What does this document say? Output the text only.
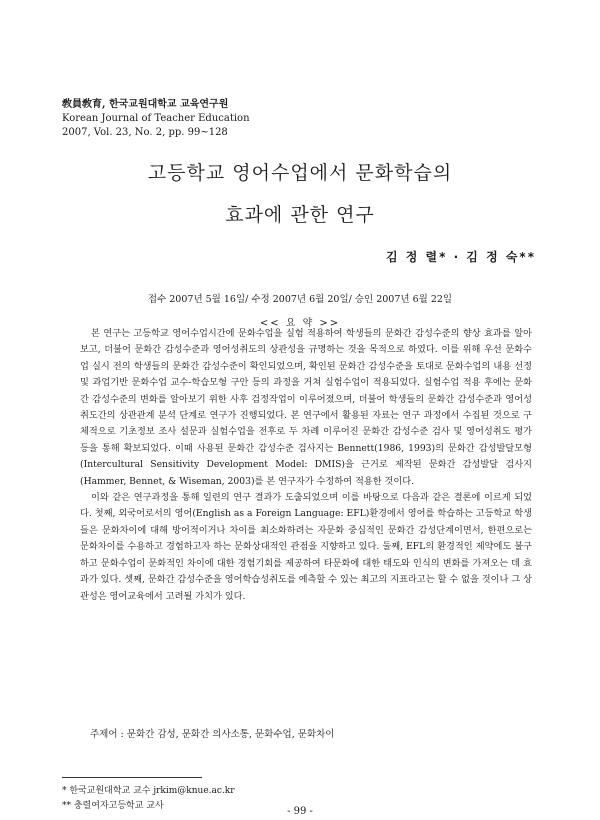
敎員敎育, 한국교원대학교 교육연구원
Korean Journal of Teacher Education
2007, Vol. 23, No. 2, pp. 99~128
고등학교 영어수업에서 문화학습의
효과에 관한 연구
김 정 렬* · 김 정 숙**
접수 2007년 5월 16일/ 수정 2007년 6월 20일/ 승인 2007년 6월 22일
<< 요 약 >>

본 연구는 고등학교 영어수업시간에 문화수업을 실험 적용하여 학생들의 문화간 감성수준의 향상 효과를 알아보고, 더불어 문화간 감성수준과 영어성취도의 상관성을 규명하는 것을 목적으로 하였다. 이를 위해 우선 문화수업 실시 전의 학생들의 문화간 감성수준이 확인되었으며, 확인된 문화간 감성수준을 토대로 문화수업의 내용 선정 및 과업기반 문화수업 교수-학습모형 구안 등의 과정을 거쳐 실험수업이 적용되었다. 실험수업 적용 후에는 문화간 감성수준의 변화를 알아보기 위한 사후 검정작업이 이루어졌으며, 더불어 학생들의 문화간 감성수준과 영어성취도간의 상관관계 분석 단계로 연구가 진행되었다. 본 연구에서 활용된 자료는 연구 과정에서 수집된 것으로 구체적으로 기초정보 조사 설문과 실험수업을 전후로 두 차례 이루어진 문화간 감성수준 검사 및 영어성취도 평가 등을 통해 확보되었다. 이때 사용된 문화간 감성수준 검사지는 Bennett(1986, 1993)의 문화간 감성발달모형(Intercultural Sensitivity Development Model: DMIS)을 근거로 제작된 문화간 감성발달 검사지(Hammer, Bennet, & Wiseman, 2003)를 본 연구자가 수정하여 적용한 것이다.

이와 같은 연구과정을 통해 일련의 연구 결과가 도출되었으며 이를 바탕으로 다음과 같은 결론에 이르게 되었다. 첫째, 외국어로서의 영어(English as a Foreign Language: EFL)환경에서 영어를 학습하는 고등학교 학생들은 문화차이에 대해 방어적이거나 차이를 최소화하려는 자문화 중심적인 문화간 감성단계이면서, 한편으로는 문화차이를 수용하고 경험하고자 하는 문화상대적인 관점을 지향하고 있다. 둘째, EFL의 환경적인 제약에도 불구하고 문화수업이 문화적인 차이에 대한 경험기회를 제공하여 타문화에 대한 태도와 인식의 변화를 가져오는 데 효과가 있다. 셋째, 문화간 감성수준을 영어학습성취도를 예측할 수 있는 최고의 지표라고는 할 수 없을 것이나 그 상관성은 영어교육에서 고려될 가치가 있다.

주제어 : 문화간 감성, 문화간 의사소통, 문화수업, 문화차이
* 한국교원대학교 교수 jrkim@knue.ac.kr
** 충렬여자고등학교 교사	- 99 -
